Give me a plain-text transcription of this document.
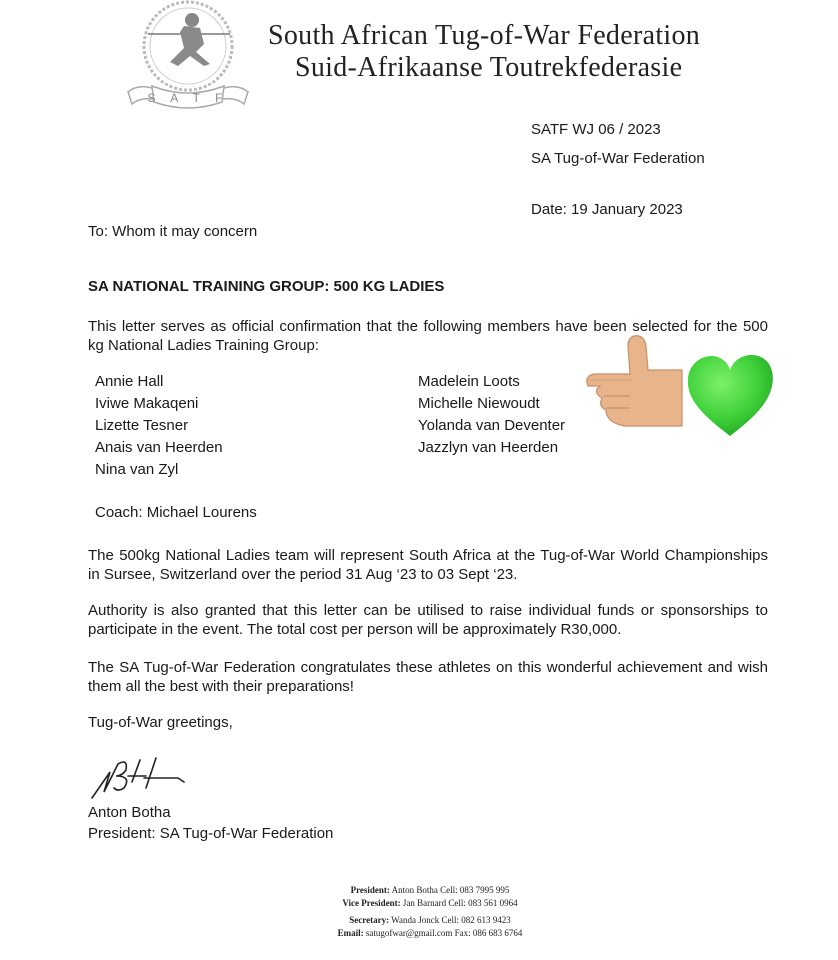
S A T F
South African Tug-of-War Federation
Suid-Afrikaanse Toutrekfederasie
SATF WJ 06 / 2023
SA Tug-of-War Federation
Date: 19 January 2023
To: Whom it may concern
SA NATIONAL TRAINING GROUP: 500 KG LADIES
This letter serves as official confirmation that the following members have been selected for the 500 kg National Ladies Training Group:
Annie Hall
Iviwe Makaqeni
Lizette Tesner
Anais van Heerden
Nina van Zyl
Madelein Loots
Michelle Niewoudt
Yolanda van Deventer
Jazzlyn van Heerden
Coach: Michael Lourens
The 500kg National Ladies team will represent South Africa at the Tug-of-War World Championships in Sursee, Switzerland over the period 31 Aug ‘23 to 03 Sept ‘23.
Authority is also granted that this letter can be utilised to raise individual funds or sponsorships to participate in the event. The total cost per person will be approximately R30,000.
The SA Tug-of-War Federation congratulates these athletes on this wonderful achievement and wish them all the best with their preparations!
Tug-of-War greetings,
Anton Botha
President: SA Tug-of-War Federation
President: Anton Botha Cell: 083 7995 995
Vice President: Jan Barnard Cell: 083 561 0964
Secretary: Wanda Jonck Cell: 082 613 9423
Email: satugofwar@gmail.com Fax: 086 683 6764
